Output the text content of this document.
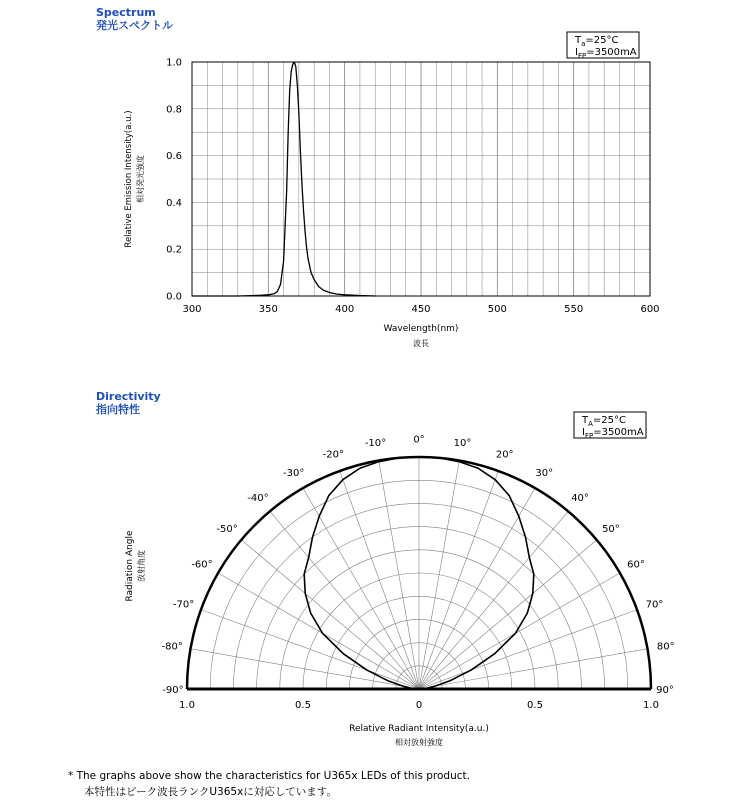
Spectrum
発光スペクトル
Directivity
指向特性
300	350	400	450	500	550	600
0.0
0.2
0.4
0.6
0.8
1.0
Wavelength(nm)
波長
Relative Emission Intensity(a.u.) 相対発光強度
$T_a=25^\circ C$
$I_{FP}=3500mA$
-90°
-80°
-70°
-60°
-50°
-40°
-30°
-20°
-10°	0°	10°
20°
30°
40°
50°
60°
70°
80°
90°
1.0	0.5	0	0.5	1.0
Relative Radiant Intensity(a.u.)
相対放射強度
Radiation Angle 放射角度
$T_A=25^\circ C$
$I_{FP}=3500mA$
* The graphs above show the characteristics for U365x LEDs of this product.
本特性はピーク波長ランクU365xに対応しています。
